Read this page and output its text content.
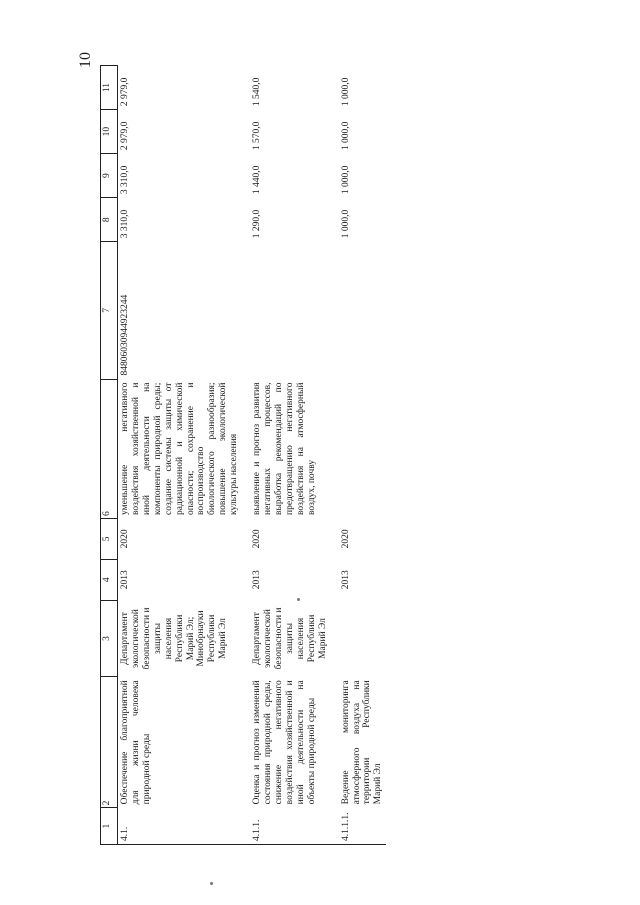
10
1	2	3	4	5	6	7	8	9	10	11
4.1.	Обеспечение благоприятной для жизни человека природной среды	Департамент экологической безопасности и защиты населения Республики Марий Эл; Минобрнауки Республики Марий Эл	2013	2020	уменьшение негативного воздействия хозяйственной и иной деятельности на компоненты природной среды; создание системы защиты от радиационной и химической опасности; сохранение и воспроизводство биологического разнообразия; повышение экологической культуры населения	84806030944923244	3 310,0	3 310,0	2 979,0	2 979,0
4.1.1.	Оценка и прогноз изменений состояния природной среды, снижение негативного воздействия хозяйственной и иной деятельности на объекты природной среды	Департамент экологической безопасности и защиты населения Республики Марий Эл	2013	2020	выявление и прогноз развития негативных процессов, выработка рекомендаций по предотвращению негативного воздействия на атмосферный воздух, почву		1 290,0	1 440,0	1 570,0	1 540,0
4.1.1.1.	Ведение мониторинга атмосферного воздуха на территории Республики Марий Эл		2013	2020			1 000,0	1 000,0	1 000,0	1 000,0
